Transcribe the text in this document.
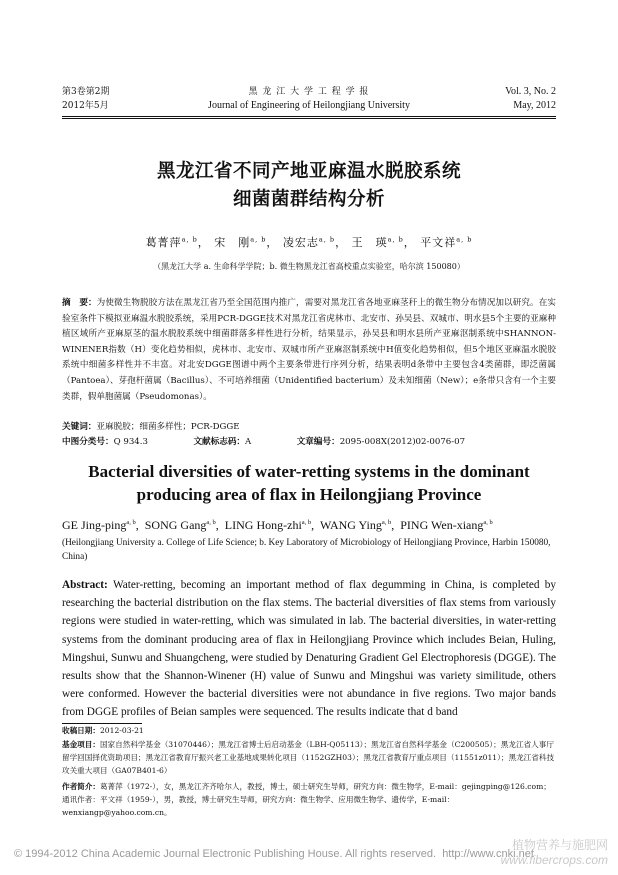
第3卷第2期
2012年5月
黑 龙 江 大 学 工 程 学 报
Journal of Engineering of Heilongjiang University
Vol. 3, No. 2
May, 2012
黑龙江省不同产地亚麻温水脱胶系统
细菌菌群结构分析
葛菁萍$^{a, b}$， 宋　刚$^{a, b}$， 凌宏志$^{a, b}$， 王　瑛$^{a, b}$， 平文祥$^{a, b}$
（黑龙江大学 a. 生命科学学院；b. 微生物黑龙江省高校重点实验室，哈尔滨 150080）
摘　要：为使微生物脱胶方法在黑龙江省乃至全国范围内推广，需要对黑龙江省各地亚麻茎秆上的微生物分布情况加以研究。在实验室条件下模拟亚麻温水脱胶系统，采用PCR-DGGE技术对黑龙江省虎林市、北安市、孙吴县、双城市、明水县5个主要的亚麻种植区域所产亚麻原茎的温水脱胶系统中细菌群落多样性进行分析，结果显示，孙吴县和明水县所产亚麻沤制系统中SHANNON-WINENER指数（H）变化趋势相似，虎林市、北安市、双城市所产亚麻沤制系统中H值变化趋势相似，但5个地区亚麻温水脱胶系统中细菌多样性并不丰富。对北安DGGE图谱中两个主要条带进行序列分析，结果表明d条带中主要包含4类菌群，即泛菌属（Pantoea）、芽孢杆菌属（Bacillus）、不可培养细菌（Unidentified bacterium）及未知细菌（New）；e条带只含有一个主要类群，假单胞菌属（Pseudomonas）。
关键词：亚麻脱胶；细菌多样性；PCR-DGGE
中图分类号：Q 934.3	文献标志码：A	文章编号：2095-008X(2012)02-0076-07
Bacterial diversities of water-retting systems in the dominant
producing area of flax in Heilongjiang Province
GE Jing-ping$^{a, b}$,  SONG Gang$^{a, b}$,  LING Hong-zhi$^{a, b}$,  WANG Ying$^{a, b}$,  PING Wen-xiang$^{a, b}$
(Heilongjiang University a. College of Life Science; b. Key Laboratory of Microbiology of Heilongjiang Province, Harbin 150080, China)
Abstract: Water-retting, becoming an important method of flax degumming in China, is completed by researching the bacterial distribution on the flax stems. The bacterial diversities of flax stems from variously regions were studied in water-retting, which was simulated in lab. The bacterial diversities, in water-retting systems from the dominant producing area of flax in Heilongjiang Province which includes Beian, Huling, Mingshui, Sunwu and Shuangcheng, were studied by Denaturing Gradient Gel Electrophoresis (DGGE). The results show that the Shannon-Winener (H) value of Sunwu and Mingshui was variety similitude, others were conformed. However the bacterial diversities were not abundance in five regions. Two major bands from DGGE profiles of Beian samples were sequenced. The results indicate that d band
收稿日期：2012-03-21
基金项目：国家自然科学基金（31070446）；黑龙江省博士后启动基金（LBH-Q05113）；黑龙江省自然科学基金（C200505）；黑龙江省人事厅留学回国择优资助项目；黑龙江省教育厅振兴老工业基地成果转化项目（1152GZH03）；黑龙江省教育厅重点项目（11551z011）；黑龙江省科技攻关重大项目（GA07B401-6）
作者简介：葛菁萍（1972-），女，黑龙江齐齐哈尔人，教授，博士，硕士研究生导师，研究方向：微生物学，E-mail：gejingping@126.com；通讯作者：平文祥（1959-），男，教授，博士研究生导师，研究方向：微生物学、应用微生物学、遗传学，E-mail：wenxiangp@yahoo.com.cn。
© 1994-2012 China Academic Journal Electronic Publishing House. All rights reserved. http://www.cnki.net
植物营养与施肥网
www.fibercrops.com
